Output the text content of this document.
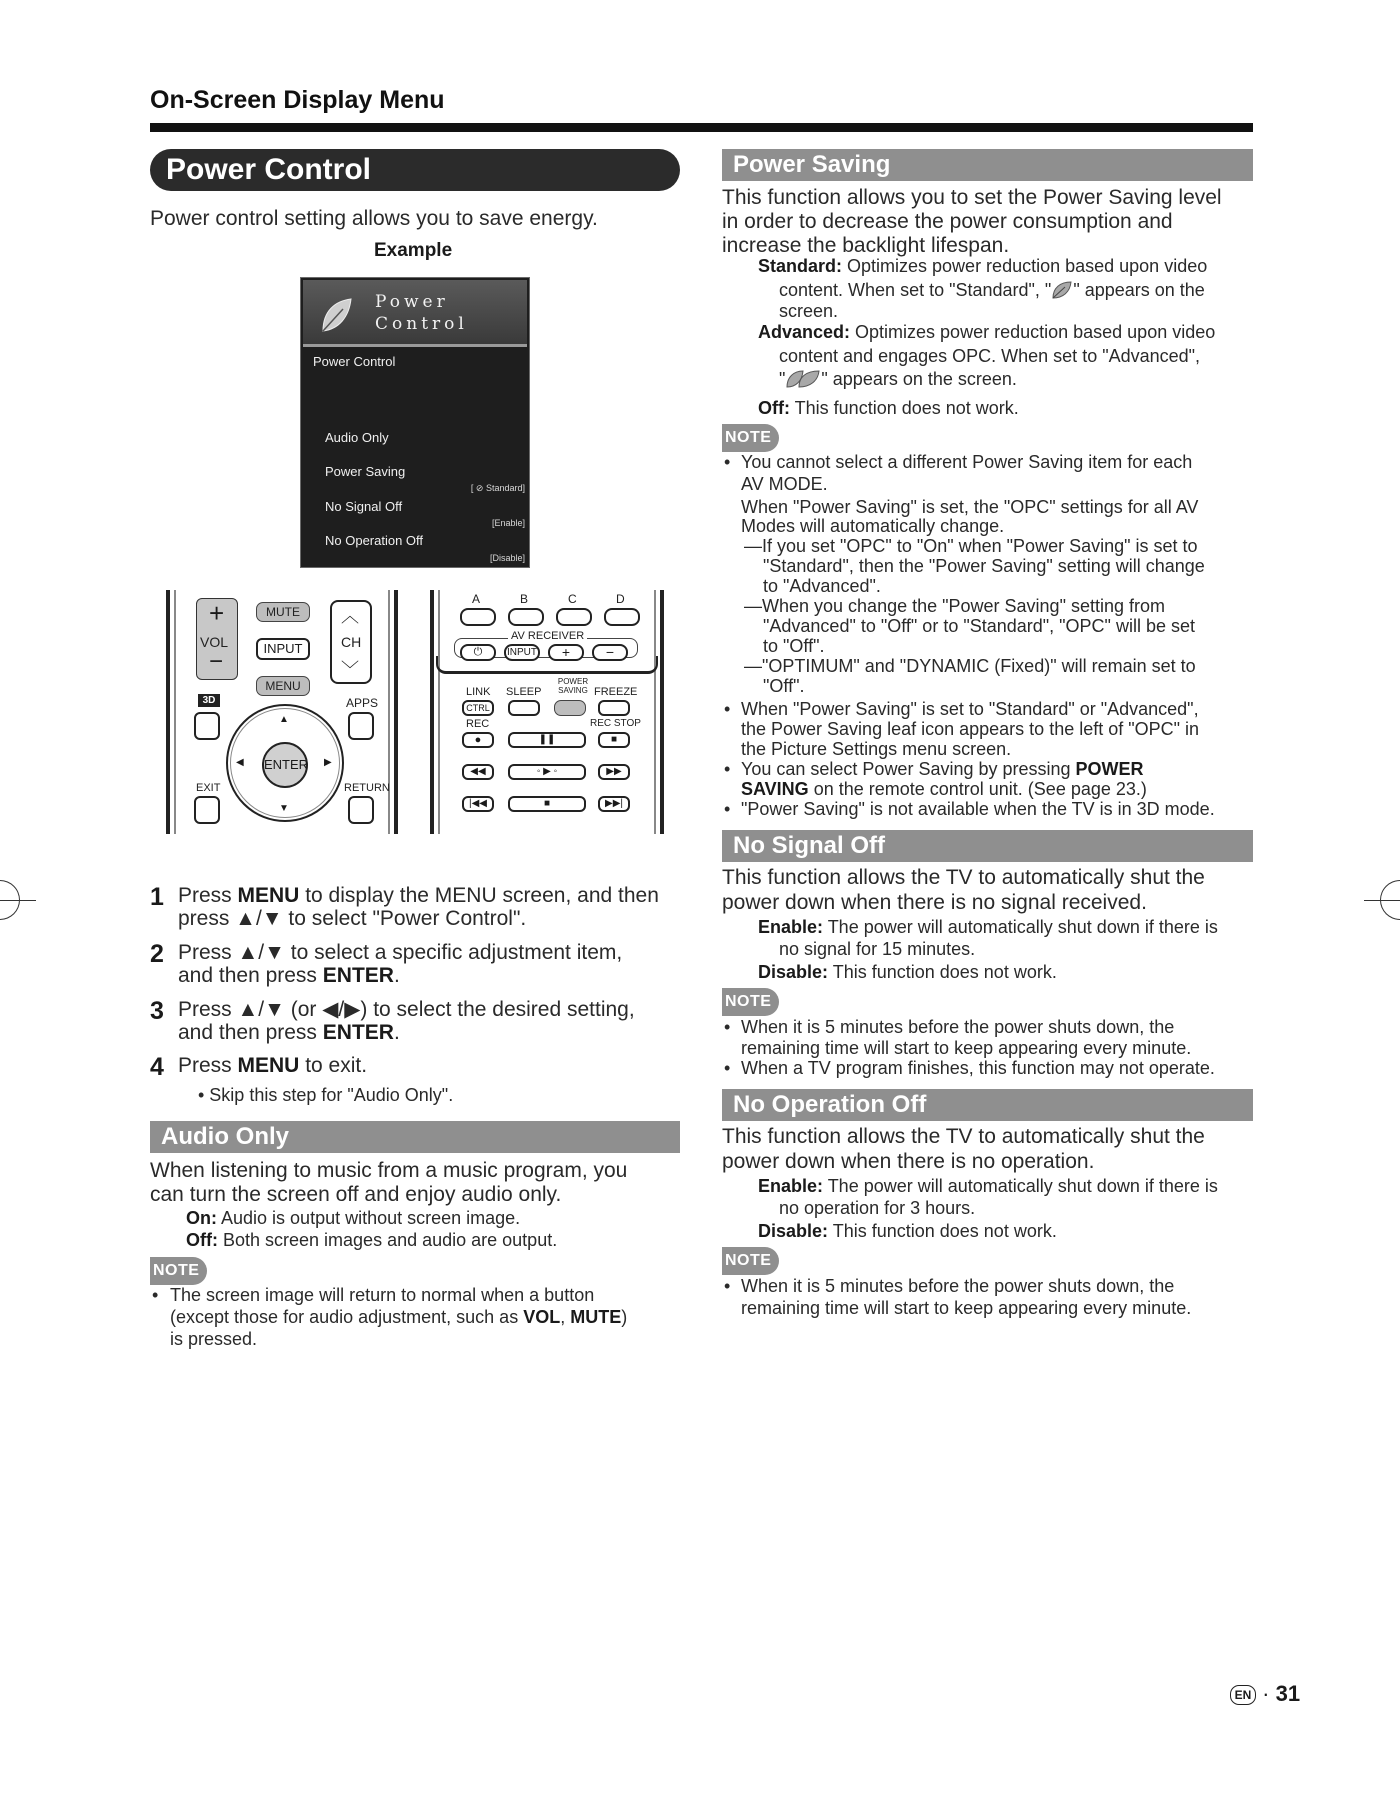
On-Screen Display Menu
Power Control
Power control setting allows you to save energy.
Example
Power
Control
Power Control
Audio Only
Power Saving
[ ⊘ Standard]
No Signal Off
[Enable]
No Operation Off
[Disable]
+
VOL
−
MUTE
INPUT
MENU
︿
CH
﹀
3D	APPS
▲
▼
◀	▶
ENTER
EXIT	RETURN
A	B	C	D
AV RECEIVER
⏻	INPUT	+	−
LINK
CTRL
SLEEP
POWER SAVING FREEZE
REC	REC STOP
●	❚❚	■
◀◀	◦ ▶ ◦	▶▶
|◀◀	■	▶▶|
1 Press MENU to display the MENU screen, and then
press ▲/▼ to select "Power Control".
2 Press ▲/▼ to select a specific adjustment item,
and then press ENTER.
3 Press ▲/▼ (or ◀/▶) to select the desired setting,
and then press ENTER.
4 Press MENU to exit.
• Skip this step for "Audio Only".
Audio Only
When listening to music from a music program, you
can turn the screen off and enjoy audio only.
On: Audio is output without screen image.
Off: Both screen images and audio are output.
NOTE
• The screen image will return to normal when a button
(except those for audio adjustment, such as VOL, MUTE)
is pressed.
Power Saving
This function allows you to set the Power Saving level
in order to decrease the power consumption and
increase the backlight lifespan.
Standard: Optimizes power reduction based upon video
content. When set to "Standard", " " appears on the
screen.
Advanced: Optimizes power reduction based upon video
content and engages OPC. When set to "Advanced",
" " appears on the screen.
Off: This function does not work.
NOTE
• You cannot select a different Power Saving item for each
AV MODE.
When "Power Saving" is set, the "OPC" settings for all AV
Modes will automatically change.
—If you set "OPC" to "On" when "Power Saving" is set to
"Standard", then the "Power Saving" setting will change
to "Advanced".
—When you change the "Power Saving" setting from
"Advanced" to "Off" or to "Standard", "OPC" will be set
to "Off".
—"OPTIMUM" and "DYNAMIC (Fixed)" will remain set to
"Off".
• When "Power Saving" is set to "Standard" or "Advanced",
the Power Saving leaf icon appears to the left of "OPC" in
the Picture Settings menu screen.
• You can select Power Saving by pressing POWER
SAVING on the remote control unit. (See page 23.)
• "Power Saving" is not available when the TV is in 3D mode.
No Signal Off
This function allows the TV to automatically shut the
power down when there is no signal received.
Enable: The power will automatically shut down if there is
no signal for 15 minutes.
Disable: This function does not work.
NOTE
• When it is 5 minutes before the power shuts down, the
remaining time will start to keep appearing every minute.
• When a TV program finishes, this function may not operate.
No Operation Off
This function allows the TV to automatically shut the
power down when there is no operation.
Enable: The power will automatically shut down if there is
no operation for 3 hours.
Disable: This function does not work.
NOTE
• When it is 5 minutes before the power shuts down, the
remaining time will start to keep appearing every minute.
EN · 31
